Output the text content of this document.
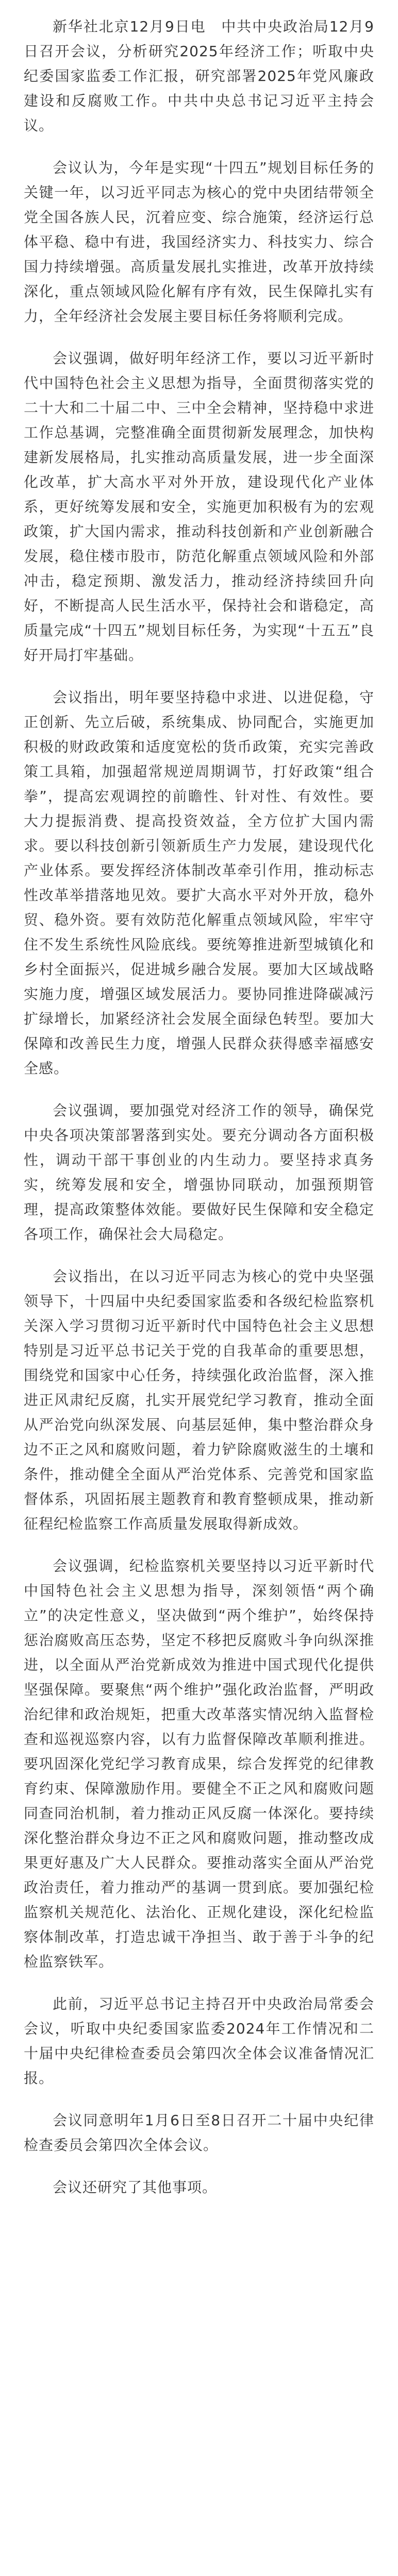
新华社北京12月9日电　中共中央政治局12月9日召开会议，分析研究2025年经济工作；听取中央纪委国家监委工作汇报，研究部署2025年党风廉政建设和反腐败工作。中共中央总书记习近平主持会议。

会议认为，今年是实现“十四五”规划目标任务的关键一年，以习近平同志为核心的党中央团结带领全党全国各族人民，沉着应变、综合施策，经济运行总体平稳、稳中有进，我国经济实力、科技实力、综合国力持续增强。高质量发展扎实推进，改革开放持续深化，重点领域风险化解有序有效，民生保障扎实有力，全年经济社会发展主要目标任务将顺利完成。

会议强调，做好明年经济工作，要以习近平新时代中国特色社会主义思想为指导，全面贯彻落实党的二十大和二十届二中、三中全会精神，坚持稳中求进工作总基调，完整准确全面贯彻新发展理念，加快构建新发展格局，扎实推动高质量发展，进一步全面深化改革，扩大高水平对外开放，建设现代化产业体系，更好统筹发展和安全，实施更加积极有为的宏观政策，扩大国内需求，推动科技创新和产业创新融合发展，稳住楼市股市，防范化解重点领域风险和外部冲击，稳定预期、激发活力，推动经济持续回升向好，不断提高人民生活水平，保持社会和谐稳定，高质量完成“十四五”规划目标任务，为实现“十五五”良好开局打牢基础。

会议指出，明年要坚持稳中求进、以进促稳，守正创新、先立后破，系统集成、协同配合，实施更加积极的财政政策和适度宽松的货币政策，充实完善政策工具箱，加强超常规逆周期调节，打好政策“组合拳”，提高宏观调控的前瞻性、针对性、有效性。要大力提振消费、提高投资效益，全方位扩大国内需求。要以科技创新引领新质生产力发展，建设现代化产业体系。要发挥经济体制改革牵引作用，推动标志性改革举措落地见效。要扩大高水平对外开放，稳外贸、稳外资。要有效防范化解重点领域风险，牢牢守住不发生系统性风险底线。要统筹推进新型城镇化和乡村全面振兴，促进城乡融合发展。要加大区域战略实施力度，增强区域发展活力。要协同推进降碳减污扩绿增长，加紧经济社会发展全面绿色转型。要加大保障和改善民生力度，增强人民群众获得感幸福感安全感。

会议强调，要加强党对经济工作的领导，确保党中央各项决策部署落到实处。要充分调动各方面积极性，调动干部干事创业的内生动力。要坚持求真务实，统筹发展和安全，增强协同联动，加强预期管理，提高政策整体效能。要做好民生保障和安全稳定各项工作，确保社会大局稳定。

会议指出，在以习近平同志为核心的党中央坚强领导下，十四届中央纪委国家监委和各级纪检监察机关深入学习贯彻习近平新时代中国特色社会主义思想特别是习近平总书记关于党的自我革命的重要思想，围绕党和国家中心任务，持续强化政治监督，深入推进正风肃纪反腐，扎实开展党纪学习教育，推动全面从严治党向纵深发展、向基层延伸，集中整治群众身边不正之风和腐败问题，着力铲除腐败滋生的土壤和条件，推动健全全面从严治党体系、完善党和国家监督体系，巩固拓展主题教育和教育整顿成果，推动新征程纪检监察工作高质量发展取得新成效。

会议强调，纪检监察机关要坚持以习近平新时代中国特色社会主义思想为指导，深刻领悟“两个确立”的决定性意义，坚决做到“两个维护”，始终保持惩治腐败高压态势，坚定不移把反腐败斗争向纵深推进，以全面从严治党新成效为推进中国式现代化提供坚强保障。要聚焦“两个维护”强化政治监督，严明政治纪律和政治规矩，把重大改革落实情况纳入监督检查和巡视巡察内容，以有力监督保障改革顺利推进。要巩固深化党纪学习教育成果，综合发挥党的纪律教育约束、保障激励作用。要健全不正之风和腐败问题同查同治机制，着力推动正风反腐一体深化。要持续深化整治群众身边不正之风和腐败问题，推动整改成果更好惠及广大人民群众。要推动落实全面从严治党政治责任，着力推动严的基调一贯到底。要加强纪检监察机关规范化、法治化、正规化建设，深化纪检监察体制改革，打造忠诚干净担当、敢于善于斗争的纪检监察铁军。

此前，习近平总书记主持召开中央政治局常委会会议，听取中央纪委国家监委2024年工作情况和二十届中央纪律检查委员会第四次全体会议准备情况汇报。

会议同意明年1月6日至8日召开二十届中央纪律检查委员会第四次全体会议。

会议还研究了其他事项。
